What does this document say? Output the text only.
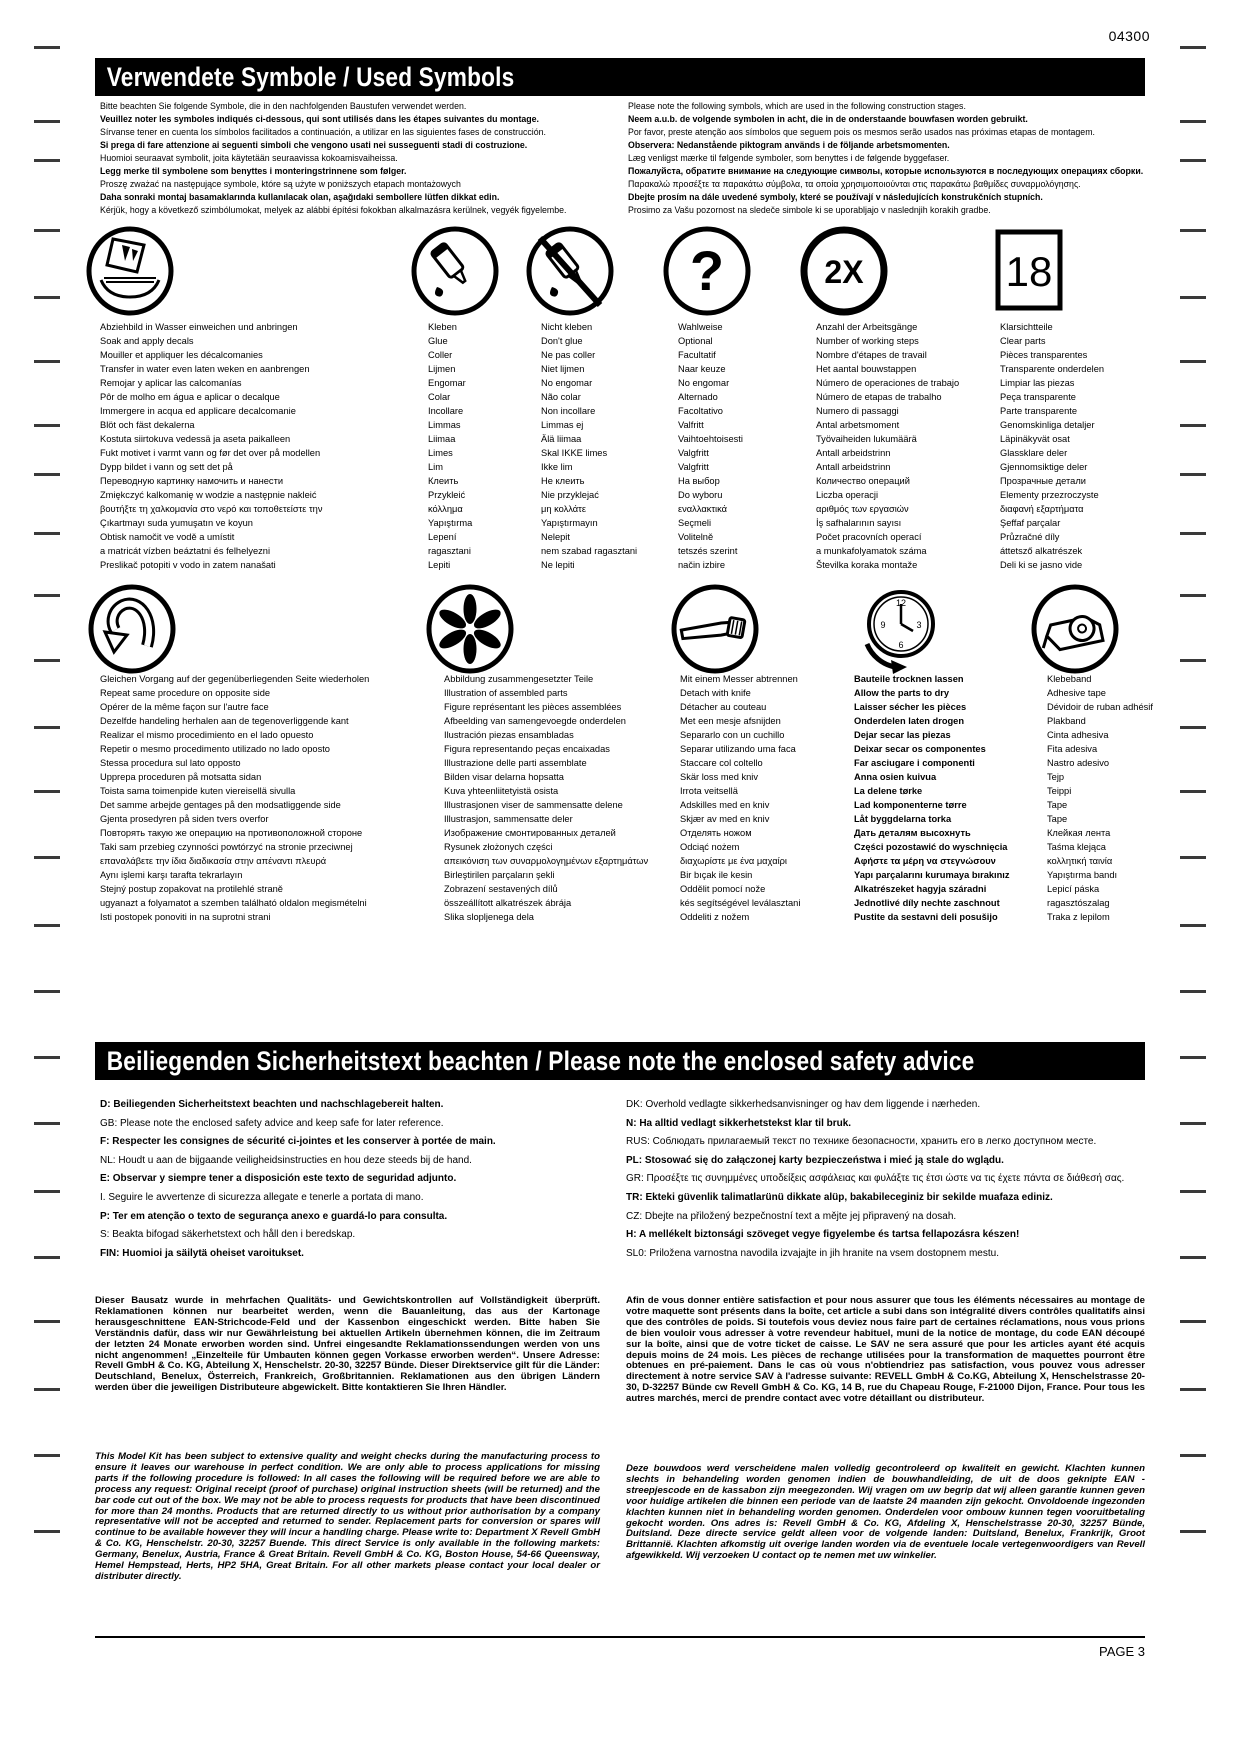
04300
Verwendete Symbole / Used Symbols
Bitte beachten Sie folgende Symbole, die in den nachfolgenden Baustufen verwendet werden.
Veuillez noter les symboles indiqués ci-dessous, qui sont utilisés dans les étapes suivantes du montage.
Sírvanse tener en cuenta los símbolos facilitados a continuación, a utilizar en las siguientes fases de construcción.
Si prega di fare attenzione ai seguenti simboli che vengono usati nei susseguenti stadi di costruzione.
Huomioi seuraavat symbolit, joita käytetään seuraavissa kokoamisvaiheissa.
Legg merke til symbolene som benyttes i monteringstrinnene som følger.
Proszę zważać na następujące symbole, które są użyte w poniższych etapach montażowych
Daha sonraki montaj basamaklarında kullanılacak olan, aşağıdaki sembollere lütfen dikkat edin.
Kérjük, hogy a következő szimbólumokat, melyek az alábbi építési fokokban alkalmazásra kerülnek, vegyék figyelembe.
Please note the following symbols, which are used in the following construction stages.
Neem a.u.b. de volgende symbolen in acht, die in de onderstaande bouwfasen worden gebruikt.
Por favor, preste atenção aos símbolos que seguem pois os mesmos serão usados nas próximas etapas de montagem.
Observera: Nedanstående piktogram används i de följande arbetsmomenten.
Læg venligst mærke til følgende symboler, som benyttes i de følgende byggefaser.
Пожалуйста, обратите внимание на следующие символы, которые используются в последующих операциях сборки.
Παρακαλώ προσέξτε τα παρακάτω σύμβολα, τα οποία χρησιμοποιούνται στις παρακάτω βαθμίδες συναρμολόγησης.
Dbejte prosím na dále uvedené symboly, které se používají v následujících konstrukčních stupních.
Prosimo za Vašu pozornost na sledeče simbole ki se uporabljajo v naslednjih korakih gradbe.
?	2X	18
Abziehbild in Wasser einweichen und anbringen
Soak and apply decals
Mouiller et appliquer les décalcomanies
Transfer in water even laten weken en aanbrengen
Remojar y aplicar las calcomanías
Pôr de molho em água e aplicar o decalque
Immergere in acqua ed applicare decalcomanie
Blöt och fäst dekalerna
Kostuta siirtokuva vedessä ja aseta paikalleen
Fukt motivet i varmt vann og før det over på modellen
Dypp bildet i vann og sett det på
Переводную картинку намочить и нанести
Zmiękczyć kalkomanię w wodzie a następnie nakleić
βουτήξτε τη χαλκομανία στο νερό και τοποθετείστε την
Çıkartmayı suda yumuşatın ve koyun
Obtisk namočit ve vodě a umístit
a matricát vízben beáztatni és felhelyezni
Preslikač potopiti v vodo in zatem nanašati
Kleben
Glue
Coller
Lijmen
Engomar
Colar
Incollare
Limmas
Liimaa
Limes
Lim
Клеить
Przykleić
κόλλημα
Yapıştırma
Lepení
ragasztani
Lepiti
Nicht kleben
Don't glue
Ne pas coller
Niet lijmen
No engomar
Não colar
Non incollare
Limmas ej
Älä liimaa
Skal IKKE limes
Ikke lim
Не клеить
Nie przyklejać
μη κολλάτε
Yapıştırmayın
Nelepit
nem szabad ragasztani
Ne lepiti
Wahlweise
Optional
Facultatif
Naar keuze
No engomar
Alternado
Facoltativo
Valfritt
Vaihtoehtoisesti
Valgfritt
Valgfritt
На выбор
Do wyboru
εναλλακτικά
Seçmeli
Volitelně
tetszés szerint
način izbire
Anzahl der Arbeitsgänge
Number of working steps
Nombre d'étapes de travail
Het aantal bouwstappen
Número de operaciones de trabajo
Número de etapas de trabalho
Numero di passaggi
Antal arbetsmoment
Työvaiheiden lukumäärä
Antall arbeidstrinn
Antall arbeidstrinn
Количество операций
Liczba operacji
αριθμός των εργασιών
İş safhalarının sayısı
Počet pracovních operací
a munkafolyamatok száma
Številka koraka montaže
Klarsichtteile
Clear parts
Pièces transparentes
Transparente onderdelen
Limpiar las piezas
Peça transparente
Parte transparente
Genomskinliga detaljer
Läpinäkyvät osat
Glassklare deler
Gjennomsiktige deler
Прозрачные детали
Elementy przezroczyste
διαφανή εξαρτήματα
Şeffaf parçalar
Průzračné díly
áttetsző alkatrészek
Deli ki se jasno vide
12
3
6
9
Gleichen Vorgang auf der gegenüberliegenden Seite wiederholen
Repeat same procedure on opposite side
Opérer de la même façon sur l'autre face
Dezelfde handeling herhalen aan de tegenoverliggende kant
Realizar el mismo procedimiento en el lado opuesto
Repetir o mesmo procedimento utilizado no lado oposto
Stessa procedura sul lato opposto
Upprepa proceduren på motsatta sidan
Toista sama toimenpide kuten viereisellä sivulla
Det samme arbejde gentages på den modsatliggende side
Gjenta prosedyren på siden tvers overfor
Повторять такую же операцию на противоположной стороне
Taki sam przebieg czynności powtórzyć na stronie przeciwnej
επαναλάβετε την ίδια διαδικασία στην απέναντι πλευρά
Aynı işlemi karşı tarafta tekrarlayın
Stejný postup zopakovat na protilehlé straně
ugyanazt a folyamatot a szemben található oldalon megismételni
Isti postopek ponoviti in na suprotni strani
Abbildung zusammengesetzter Teile
Illustration of assembled parts
Figure représentant les pièces assemblées
Afbeelding van samengevoegde onderdelen
Ilustración piezas ensambladas
Figura representando peças encaixadas
Illustrazione delle parti assemblate
Bilden visar delarna hopsatta
Kuva yhteenliitetyistä osista
Illustrasjonen viser de sammensatte delene
Illustrasjon, sammensatte deler
Изображение смонтированных деталей
Rysunek złożonych części
απεικόνιση των συναρμολογημένων εξαρτημάτων
Birleştirilen parçaların şekli
Zobrazení sestavených dílů
összeállított alkatrészek ábrája
Slika slopljenega dela
Mit einem Messer abtrennen
Detach with knife
Détacher au couteau
Met een mesje afsnijden
Separarlo con un cuchillo
Separar utilizando uma faca
Staccare col coltello
Skär loss med kniv
Irrota veitsellä
Adskilles med en kniv
Skjær av med en kniv
Отделять ножом
Odciąć nożem
διαχωρίστε με ένα μαχαίρι
Bir bıçak ile kesin
Oddělit pomocí nože
kés segítségével leválasztani
Oddeliti z nožem
Bauteile trocknen lassen
Allow the parts to dry
Laisser sécher les pièces
Onderdelen laten drogen
Dejar secar las piezas
Deixar secar os componentes
Far asciugare i componenti
Anna osien kuivua
La delene tørke
Lad komponenterne tørre
Låt byggdelarna torka
Дать деталям высохнуть
Części pozostawić do wyschnięcia
Αφήστε τα μέρη να στεγνώσουν
Yapı parçalarını kurumaya bırakınız
Alkatrészeket hagyja száradni
Jednotlivé díly nechte zaschnout
Pustite da sestavni deli posušijo
Klebeband
Adhesive tape
Dévidoir de ruban adhésif
Plakband
Cinta adhesiva
Fita adesiva
Nastro adesivo
Tejp
Teippi
Tape
Tape
Клейкая лента
Taśma klejąca
κολλητική ταινία
Yapıştırma bandı
Lepicí páska
ragasztószalag
Traka z lepilom
Beiliegenden Sicherheitstext beachten / Please note the enclosed safety advice
D: Beiliegenden Sicherheitstext beachten und nachschlagebereit halten.
GB: Please note the enclosed safety advice and keep safe for later reference.
F: Respecter les consignes de sécurité ci-jointes et les conserver à portée de main.
NL: Houdt u aan de bijgaande veiligheidsinstructies en hou deze steeds bij de hand.
E: Observar y siempre tener a disposición este texto de seguridad adjunto.
I. Seguire le avvertenze di sicurezza allegate e tenerle a portata di mano.
P: Ter em atenção o texto de segurança anexo e guardá-lo para consulta.
S: Beakta bifogad säkerhetstext och håll den i beredskap.
FIN: Huomioi ja säilytä oheiset varoitukset.
DK: Overhold vedlagte sikkerhedsanvisninger og hav dem liggende i nærheden.
N: Ha alltid vedlagt sikkerhetstekst klar til bruk.
RUS: Соблюдать прилагаемый текст по технике безопасности, хранить его в легко доступном месте.
PL: Stosować się do załączonej karty bezpieczeństwa i mieć ją stale do wglądu.
GR: Προσέξτε τις συνημμένες υποδείξεις ασφάλειας και φυλάξτε τις έτσι ώστε να τις έχετε πάντα σε διάθεσή σας.
TR: Ekteki güvenlik talimatlarünü dikkate alüp, bakabileceginiz bir sekilde muafaza ediniz.
CZ: Dbejte na přiložený bezpečnostní text a mějte jej připravený na dosah.
H: A mellékelt biztonsági szöveget vegye figyelembe és tartsa fellapozásra készen!
SL0: Priložena varnostna navodila izvajajte in jih hranite na vsem dostopnem mestu.
Dieser Bausatz wurde in mehrfachen Qualitäts- und Gewichtskontrollen auf Vollständigkeit überprüft. Reklamationen können nur bearbeitet werden, wenn die Bauanleitung, das aus der Kartonage herausgeschnittene EAN-Strichcode-Feld und der Kassenbon eingeschickt werden. Bitte haben Sie Verständnis dafür, dass wir nur Gewährleistung bei aktuellen Artikeln übernehmen können, die im Zeitraum der letzten 24 Monate erworben worden sind. Unfrei eingesandte Reklamationssendungen werden von uns nicht angenommen! „Einzelteile für Umbauten können gegen Vorkasse erworben werden“. Unsere Adresse: Revell GmbH & Co. KG, Abteilung X, Henschelstr. 20-30, 32257 Bünde. Dieser Direktservice gilt für die Länder: Deutschland, Benelux, Österreich, Frankreich, Großbritannien. Reklamationen aus den übrigen Ländern werden über die jeweiligen Distributeure abgewickelt. Bitte kontaktieren Sie Ihren Händler.
This Model Kit has been subject to extensive quality and weight checks during the manufacturing process to ensure it leaves our warehouse in perfect condition. We are only able to process applications for missing parts if the following procedure is followed: In all cases the following will be required before we are able to process any request: Original receipt (proof of purchase) original instruction sheets (will be returned) and the bar code cut out of the box. We may not be able to process requests for products that have been discontinued for more than 24 months. Products that are returned directly to us without prior authorisation by a company representative will not be accepted and returned to sender. Replacement parts for conversion or spares will continue to be available however they will incur a handling charge. Please write to: Department X Revell GmbH & Co. KG, Henschelstr. 20-30, 32257 Buende. This direct Service is only available in the following markets: Germany, Benelux, Austria, France & Great Britain. Revell GmbH & Co. KG, Boston House, 54-66 Queensway, Hemel Hempstead, Herts, HP2 5HA, Great Britain. For all other markets please contact your local dealer or distributer directly.
Afin de vous donner entière satisfaction et pour nous assurer que tous les éléments nécessaires au montage de votre maquette sont présents dans la boîte, cet article a subi dans son intégralité divers contrôles qualitatifs ainsi que des contrôles de poids. Si toutefois vous deviez nous faire part de certaines réclamations, nous vous prions de bien vouloir vous adresser à votre revendeur habituel, muni de la notice de montage, du code EAN découpé sur la boîte, ainsi que de votre ticket de caisse. Le SAV ne sera assuré que pour les articles ayant été acquis depuis moins de 24 mois. Les pièces de rechange utilisées pour la transformation de maquettes pourront être obtenues en pré-paiement. Dans le cas où vous n'obtiendriez pas satisfaction, vous pouvez vous adresser directement à notre service SAV à l'adresse suivante: REVELL GmbH & Co.KG, Abteilung X, Henschelstrasse 20-30, D-32257 Bünde cw Revell GmbH & Co. KG, 14 B, rue du Chapeau Rouge, F-21000 Dijon, France. Pour tous les autres marchés, merci de prendre contact avec votre détaillant ou distributeur.
Deze bouwdoos werd verscheidene malen volledig gecontroleerd op kwaliteit en gewicht. Klachten kunnen slechts in behandeling worden genomen indien de bouwhandleiding, de uit de doos geknipte EAN - streepjescode en de kassabon zijn meegezonden. Wij vragen om uw begrip dat wij alleen garantie kunnen geven voor huidige artikelen die binnen een periode van de laatste 24 maanden zijn gekocht. Onvoldoende ingezonden klachten kunnen niet in behandeling worden genomen. Onderdelen voor ombouw kunnen tegen vooruitbetaling gekocht worden. Ons adres is: Revell GmbH & Co. KG, Afdeling X, Henschelstrasse 20-30, 32257 Bünde, Duitsland. Deze directe service geldt alleen voor de volgende landen: Duitsland, Benelux, Frankrijk, Groot Brittannië. Klachten afkomstig uit overige landen worden via de eventuele locale vertegenwoordigers van Revell afgewikkeld. Wij verzoeken U contact op te nemen met uw winkelier.
PAGE 3
